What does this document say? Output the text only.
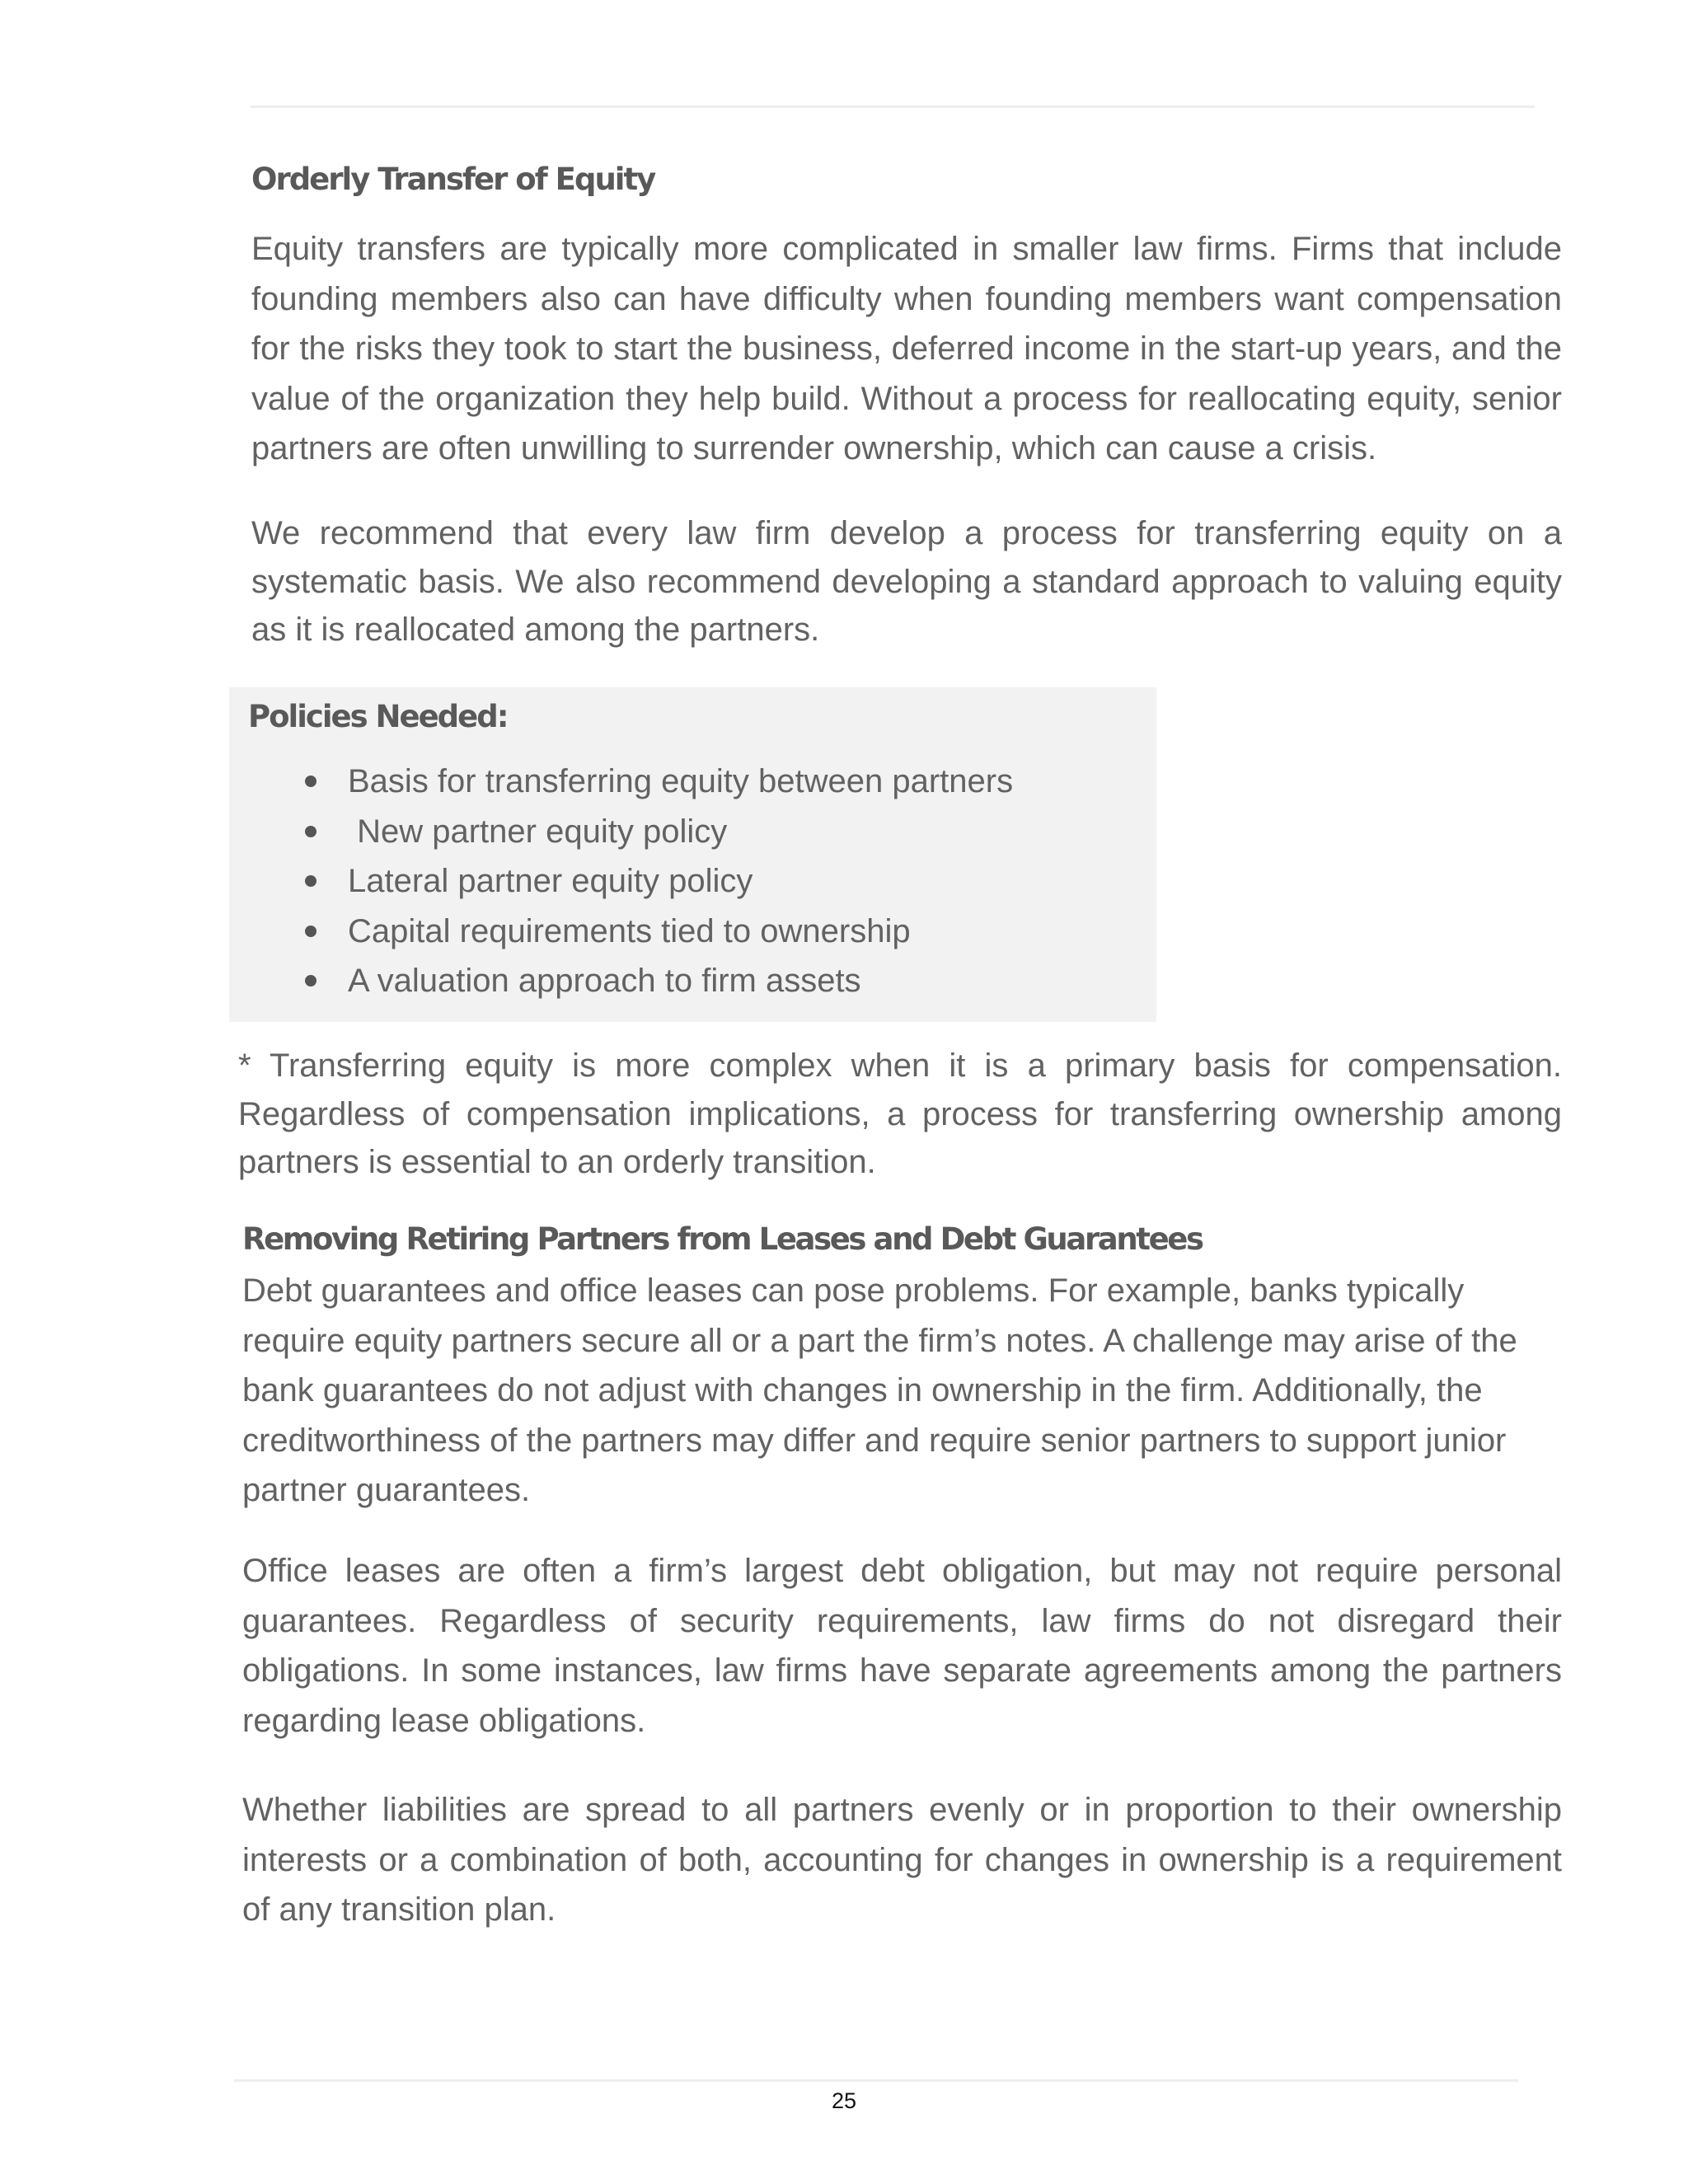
Orderly Transfer of Equity

Equity transfers are typically more complicated in smaller law firms. Firms that include founding members also can have difficulty when founding members want compensation for the risks they took to start the business, deferred income in the start-up years, and the value of the organization they help build. Without a process for reallocating equity, senior partners are often unwilling to surrender ownership, which can cause a crisis.

We recommend that every law firm develop a process for transferring equity on a systematic basis. We also recommend developing a standard approach to valuing equity as it is reallocated among the partners.

Policies Needed:
Basis for transferring equity between partners
New partner equity policy
Lateral partner equity policy
Capital requirements tied to ownership
A valuation approach to firm assets

* Transferring equity is more complex when it is a primary basis for compensation. Regardless of compensation implications, a process for transferring ownership among partners is essential to an orderly transition.

Removing Retiring Partners from Leases and Debt Guarantees

Debt guarantees and office leases can pose problems. For example, banks typically require equity partners secure all or a part the firm’s notes. A challenge may arise of the bank guarantees do not adjust with changes in ownership in the firm. Additionally, the creditworthiness of the partners may differ and require senior partners to support junior partner guarantees.

Office leases are often a firm’s largest debt obligation, but may not require personal guarantees. Regardless of security requirements, law firms do not disregard their obligations. In some instances, law firms have separate agreements among the partners regarding lease obligations.

Whether liabilities are spread to all partners evenly or in proportion to their ownership interests or a combination of both, accounting for changes in ownership is a requirement of any transition plan.

25
